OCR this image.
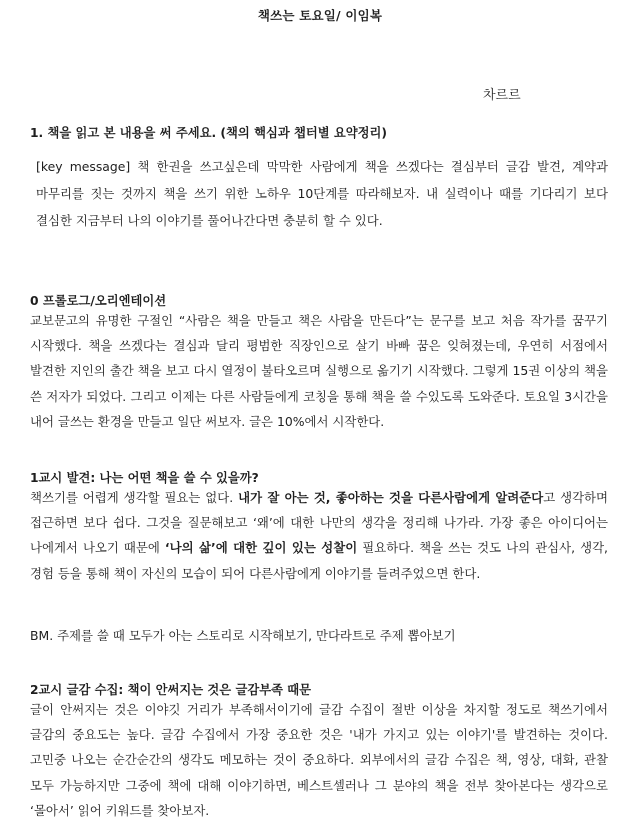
책쓰는 토요일/ 이임복
차르르
1. 책을 읽고 본 내용을 써 주세요. (책의 핵심과 챕터별 요약정리)

[key message] 책 한권을 쓰고싶은데 막막한 사람에게 책을 쓰겠다는 결심부터 글감 발견, 계약과 마무리를 짓는 것까지 책을 쓰기 위한 노하우 10단계를 따라해보자. 내 실력이나 때를 기다리기 보다 결심한 지금부터 나의 이야기를 풀어나간다면 충분히 할 수 있다.

0 프롤로그/오리엔테이션

교보문고의 유명한 구절인 “사람은 책을 만들고 책은 사람을 만든다”는 문구를 보고 처음 작가를 꿈꾸기 시작했다. 책을 쓰겠다는 결심과 달리 평범한 직장인으로 살기 바빠 꿈은 잊혀졌는데, 우연히 서점에서 발견한 지인의 출간 책을 보고 다시 열정이 불타오르며 실행으로 옮기기 시작했다. 그렇게 15권 이상의 책을 쓴 저자가 되었다. 그리고 이제는 다른 사람들에게 코칭을 통해 책을 쓸 수있도록 도와준다. 토요일 3시간을 내어 글쓰는 환경을 만들고 일단 써보자. 글은 10%에서 시작한다.

1교시 발견: 나는 어떤 책을 쓸 수 있을까?

책쓰기를 어렵게 생각할 필요는 없다. 내가 잘 아는 것, 좋아하는 것을 다른사람에게 알려준다고 생각하며 접근하면 보다 쉽다. 그것을 질문해보고 ‘왜’에 대한 나만의 생각을 정리해 나가라. 가장 좋은 아이디어는 나에게서 나오기 때문에 ‘나의 삶’에 대한 깊이 있는 성찰이 필요하다. 책을 쓰는 것도 나의 관심사, 생각, 경험 등을 통해 책이 자신의 모습이 되어 다른사람에게 이야기를 들려주었으면 한다.

BM. 주제를 쓸 때 모두가 아는 스토리로 시작해보기, 만다라트로 주제 뽑아보기
2교시 글감 수집: 책이 안써지는 것은 글감부족 때문

글이 안써지는 것은 이야깃 거리가 부족해서이기에 글감 수집이 절반 이상을 차지할 정도로 책쓰기에서 글감의 중요도는 높다. 글감 수집에서 가장 중요한 것은 '내가 가지고 있는 이야기'를 발견하는 것이다. 고민중 나오는 순간순간의 생각도 메모하는 것이 중요하다. 외부에서의 글감 수집은 책, 영상, 대화, 관찰 모두 가능하지만 그중에 책에 대해 이야기하면, 베스트셀러나 그 분야의 책을 전부 찾아본다는 생각으로 ‘몰아서’ 읽어 키워드를 찾아보자.
